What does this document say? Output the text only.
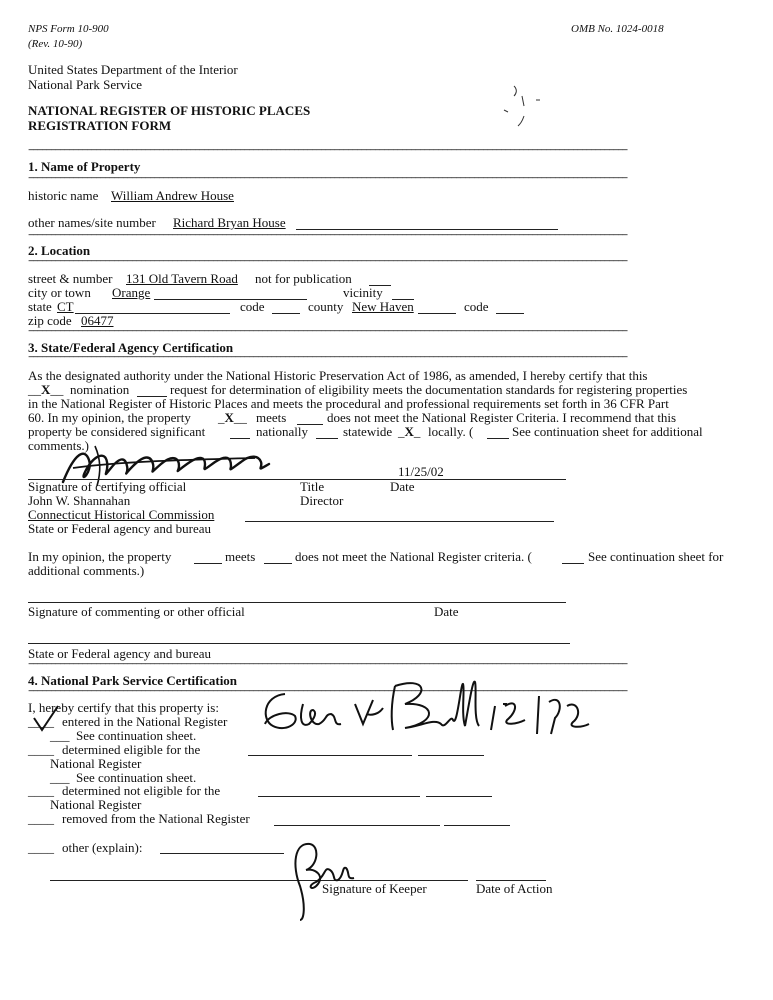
NPS Form 10-900
(Rev. 10-90)
OMB No. 1024-0018
United States Department of the Interior
National Park Service
NATIONAL REGISTER OF HISTORIC PLACES
REGISTRATION FORM
=====
1. Name of Property
=====
historic name William Andrew House
other names/site number Richard Bryan House
=====
2. Location
=====
street & number 131 Old Tavern Road not for publication
city or town Orange	vicinity
state CT	code	county New Haven	code
zip code 06477
=====
3. State/Federal Agency Certification
=====
As the designated authority under the National Historic Preservation Act of 1986, as amended, I hereby certify that this
__X__ nomination	request for determination of eligibility meets the documentation standards for registering properties
in the National Register of Historic Places and meets the procedural and professional requirements set forth in 36 CFR Part
60. In my opinion, the property _X__ meets	does not meet the National Register Criteria. I recommend that this
property be considered significant	nationally	statewide _X_ locally. (	See continuation sheet for additional
comments.)
11/25/02
Signature of certifying official	Title	Date
John W. Shannahan	Director
Connecticut Historical Commission
State or Federal agency and bureau
In my opinion, the property	meets	does not meet the National Register criteria. (	See continuation sheet for
additional comments.)
Signature of commenting or other official	Date
State or Federal agency and bureau
=====
4. National Park Service Certification
=====
I, hereby certify that this property is:
____ entered in the National Register
___ See continuation sheet.
____ determined eligible for the
National Register
___ See continuation sheet.
____ determined not eligible for the
National Register
____ removed from the National Register
____ other (explain):
Signature of Keeper	Date of Action
